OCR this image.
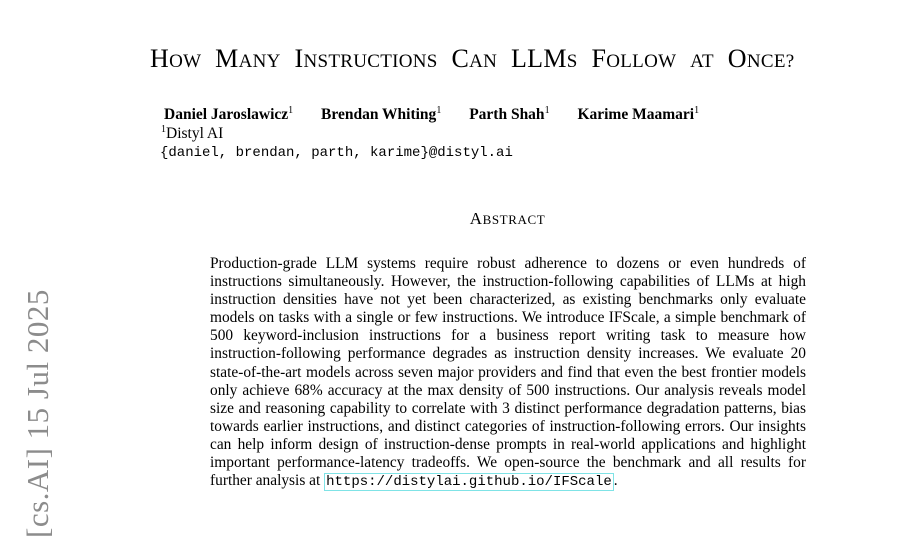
[cs.AI] 15 Jul 2025
HOW MANY INSTRUCTIONS CAN LLMS FOLLOW AT ONCE?
Daniel Jaroslawicz$^1$ Brendan Whiting$^1$ Parth Shah$^1$ Karime Maamari$^1$
$^1$Distyl AI
{daniel, brendan, parth, karime}@distyl.ai
ABSTRACT

Production-grade LLM systems require robust adherence to dozens or even hundreds of instructions simultaneously. However, the instruction-following capabilities of LLMs at high instruction densities have not yet been characterized, as existing benchmarks only evaluate models on tasks with a single or few instructions. We introduce IFScale, a simple benchmark of 500 keyword-inclusion instructions for a business report writing task to measure how instruction-following performance degrades as instruction density increases. We evaluate 20 state-of-the-art models across seven major providers and find that even the best frontier models only achieve 68% accuracy at the max density of 500 instructions. Our analysis reveals model size and reasoning capability to correlate with 3 distinct performance degradation patterns, bias towards earlier instructions, and distinct categories of instruction-following errors. Our insights can help inform design of instruction-dense prompts in real-world applications and highlight important performance-latency tradeoffs. We open-source the benchmark and all results for further analysis at https://distylai.github.io/IFScale .
